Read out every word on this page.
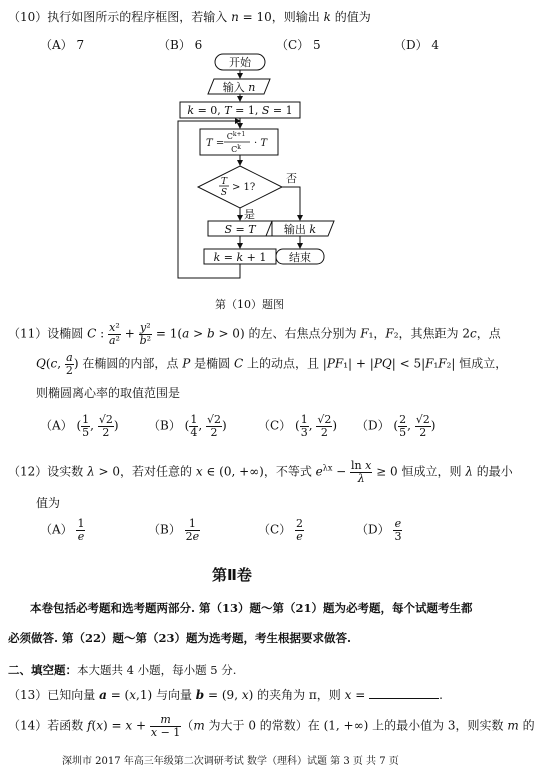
（10）执行如图所示的程序框图，若输入 n = 10，则输出 k 的值为
（A） 7	（B） 6	（C） 5	（D） 4
开始
输入 n
k = 0, T = 1, S = 1
T =
$C^{k+1}$
$C^k \cdot T$
T
S > 1?
否
是
S = T
k = k + 1
输出 k
结束
第（10）题图
（11）设椭圆 C : $\frac{\text{x²}}{\text{a²}} + \frac{\text{y²}}{\text{b²}} = 1(a > b > 0)$ 的左、右焦点分别为 F₁，F₂，其焦距为 2c，点
Q(c, $\frac{a}{2}$ ) 在椭圆的内部，点 P 是椭圆 C 上的动点，且 |PF₁| + |PQ| < 5|F₁F₂| 恒成立，
则椭圆离心率的取值范围是
（A） ( $\frac{1}{5}$ , $\frac{√2}{2}$ ) （B） ( $\frac{1}{4}$ , $\frac{√2}{2}$ )	（C） ( $\frac{1}{3}$ , $\frac{√2}{2}$ ) （D） ( $\frac{2}{5}$ , $\frac{√2}{2}$ )
（12）设实数 λ > 0，若对任意的 x ∈ (0, +∞)，不等式 $e^{\lambda x} - \frac{\text{ln x}}{\lambda} \ge 0$ 恒成立，则 λ 的最小
值为
$(A) \frac{1}{e}$	$(B) \frac{1}{2e}$	$(C) \frac{2}{e}$	$(D) \frac{e}{3}$
第Ⅱ卷
本卷包括必考题和选考题两部分. 第（13）题～第（21）题为必考题，每个试题考生都
必须做答. 第（22）题～第（23）题为选考题，考生根据要求做答.
二、填空题：本大题共 4 小题，每小题 5 分.
（13）已知向量 a = (x,1) 与向量 b = (9, x) 的夹角为 π，则 x =	.
（14）若函数 $f(x) = x + \frac{m}{x - 1} (m$ 为大于 0 的常数）在 (1, +∞) 上的最小值为 3，则实数 m 的
深圳市 2017 年高三年级第二次调研考试 数学（理科）试题 第 3 页 共 7 页
